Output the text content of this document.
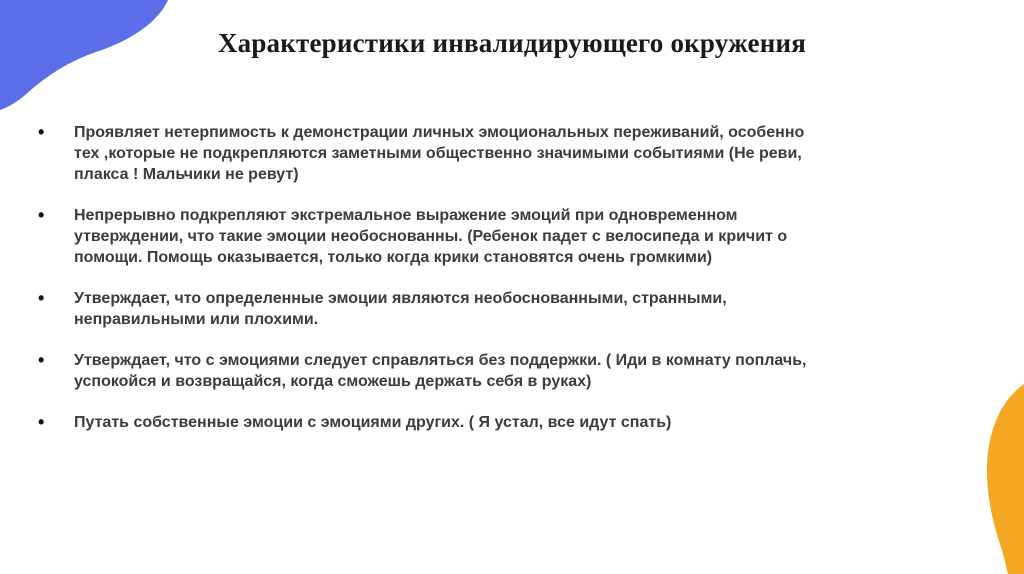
Характеристики инвалидирующего окружения
• Проявляет нетерпимость к демонстрации личных эмоциональных переживаний, особенно тех ,которые не подкрепляются заметными общественно значимыми событиями (Не реви, плакса ! Мальчики не ревут)
• Непрерывно подкрепляют экстремальное выражение эмоций при одновременном утверждении, что такие эмоции необоснованны. (Ребенок падет с велосипеда и кричит о помощи. Помощь оказывается, только когда крики становятся очень громкими)
• Утверждает, что определенные эмоции являются необоснованными, странными, неправильными или плохими.
• Утверждает, что с эмоциями следует справляться без поддержки. ( Иди в комнату поплачь, успокойся и возвращайся, когда сможешь держать себя в руках)
• Путать собственные эмоции с эмоциями других. ( Я устал, все идут спать)
